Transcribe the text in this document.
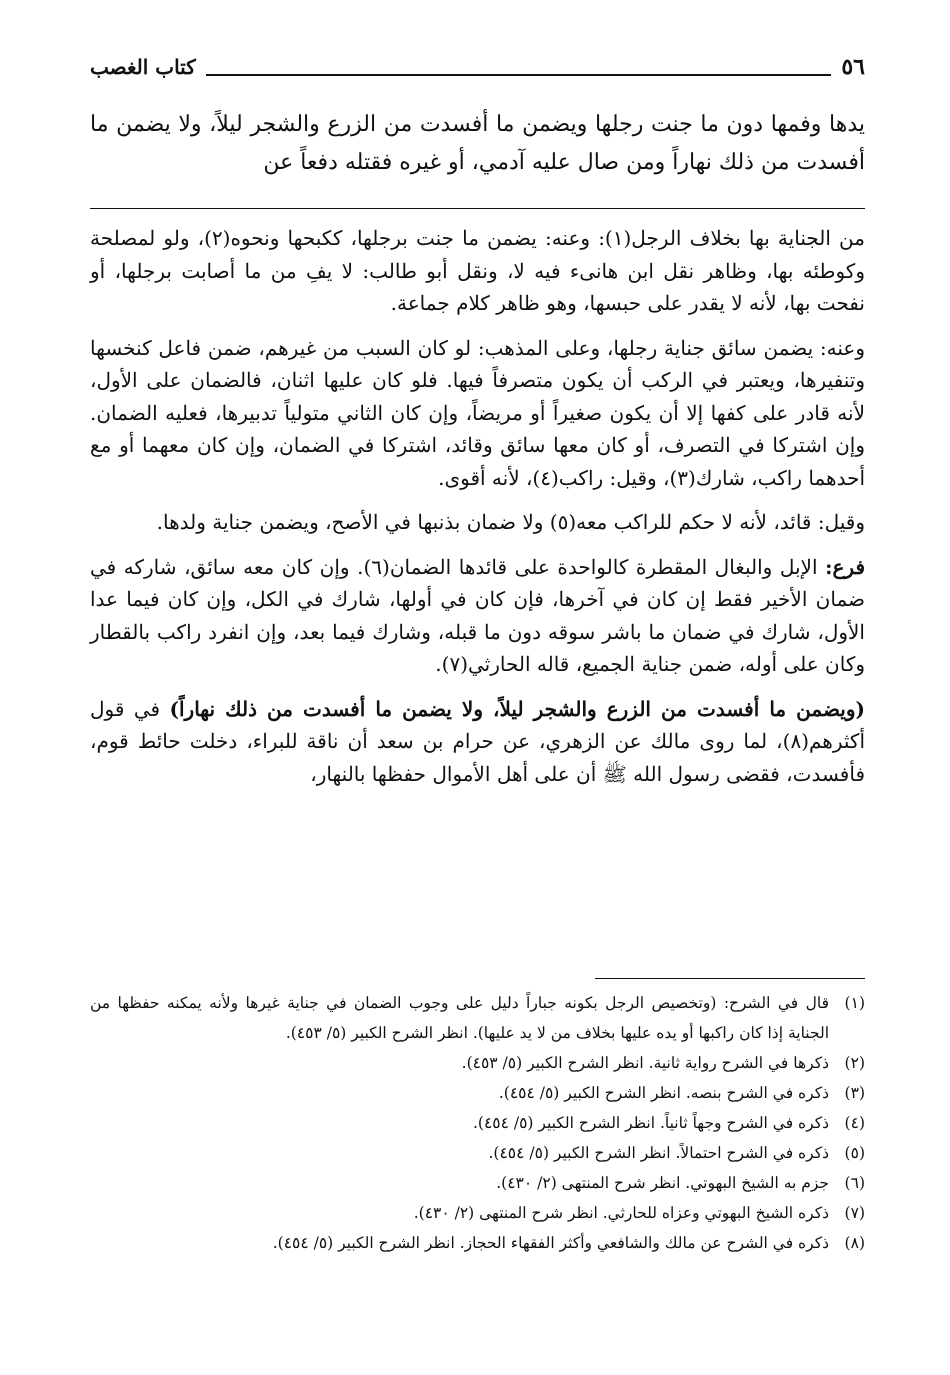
٥٦
كتاب الغصب

يدها وفمها دون ما جنت رجلها ويضمن ما أفسدت من الزرع والشجر ليلاً، ولا يضمن ما أفسدت من ذلك نهاراً ومن صال عليه آدمي، أو غيره فقتله دفعاً عن

من الجناية بها بخلاف الرجل(١): وعنه: يضمن ما جنت برجلها، ككبحها ونحوه(٢)، ولو لمصلحة وكوطئه بها، وظاهر نقل ابن هانىء فيه لا، ونقل أبو طالب: لا يفِ من ما أصابت برجلها، أو نفحت بها، لأنه لا يقدر على حبسها، وهو ظاهر كلام جماعة.

وعنه: يضمن سائق جناية رجلها، وعلى المذهب: لو كان السبب من غيرهم، ضمن فاعل كنخسها وتنفيرها، ويعتبر في الركب أن يكون متصرفاً فيها. فلو كان عليها اثنان، فالضمان على الأول، لأنه قادر على كفها إلا أن يكون صغيراً أو مريضاً، وإن كان الثاني متولياً تدبيرها، فعليه الضمان. وإن اشتركا في التصرف، أو كان معها سائق وقائد، اشتركا في الضمان، وإن كان معهما أو مع أحدهما راكب، شارك(٣)، وقيل: راكب(٤)، لأنه أقوى.

وقيل: قائد، لأنه لا حكم للراكب معه(٥) ولا ضمان بذنبها في الأصح، ويضمن جناية ولدها.

فرع: الإبل والبغال المقطرة كالواحدة على قائدها الضمان(٦). وإن كان معه سائق، شاركه في ضمان الأخير فقط إن كان في آخرها، فإن كان في أولها، شارك في الكل، وإن كان فيما عدا الأول، شارك في ضمان ما باشر سوقه دون ما قبله، وشارك فيما بعد، وإن انفرد راكب بالقطار وكان على أوله، ضمن جناية الجميع، قاله الحارثي(٧).

(ويضمن ما أفسدت من الزرع والشجر ليلاً، ولا يضمن ما أفسدت من ذلك نهاراً) في قول أكثرهم(٨)، لما روى مالك عن الزهري، عن حرام بن سعد أن ناقة للبراء، دخلت حائط قوم، فأفسدت، فقضى رسول الله ﷺ أن على أهل الأموال حفظها بالنهار،

(١)
قال في الشرح: (وتخصيص الرجل بكونه جباراً دليل على وجوب الضمان في جناية غيرها ولأنه يمكنه حفظها من الجناية إذا كان راكبها أو يده عليها بخلاف من لا يد عليها). انظر الشرح الكبير (٥/ ٤٥٣).
(٢)
ذكرها في الشرح رواية ثانية. انظر الشرح الكبير (٥/ ٤٥٣).
(٣)
ذكره في الشرح بنصه. انظر الشرح الكبير (٥/ ٤٥٤).
(٤)
ذكره في الشرح وجهاً ثانياً. انظر الشرح الكبير (٥/ ٤٥٤).
(٥)
ذكره في الشرح احتمالاً. انظر الشرح الكبير (٥/ ٤٥٤).
(٦)
جزم به الشيخ البهوتي. انظر شرح المنتهى (٢/ ٤٣٠).
(٧)
ذكره الشيخ البهوتي وعزاه للحارثي. انظر شرح المنتهى (٢/ ٤٣٠).
(٨)
ذكره في الشرح عن مالك والشافعي وأكثر الفقهاء الحجاز. انظر الشرح الكبير (٥/ ٤٥٤).
